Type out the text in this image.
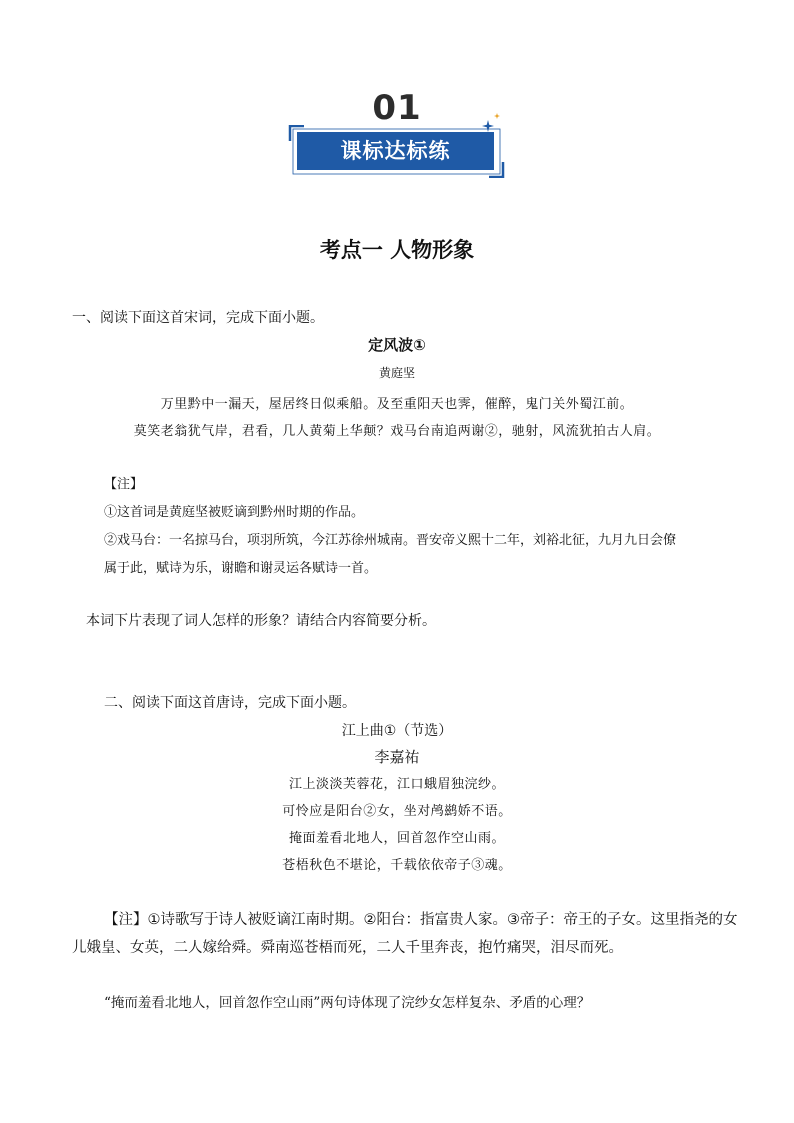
01
课标达标练
考点一 人物形象
一、阅读下面这首宋词，完成下面小题。
定风波①
黄庭坚
万里黔中一漏天，屋居终日似乘船。及至重阳天也霁，催醉，鬼门关外蜀江前。
莫笑老翁犹气岸，君看，几人黄菊上华颠？戏马台南追两谢②，驰射，风流犹拍古人肩。
【注】
①这首词是黄庭坚被贬谪到黔州时期的作品。
②戏马台：一名掠马台，项羽所筑，今江苏徐州城南。晋安帝义熙十二年，刘裕北征，九月九日会僚
属于此，赋诗为乐，谢瞻和谢灵运各赋诗一首。
本词下片表现了词人怎样的形象？请结合内容简要分析。
二、阅读下面这首唐诗，完成下面小题。
江上曲①（节选）
李嘉祐
江上淡淡芙蓉花，江口蛾眉独浣纱。
可怜应是阳台②女，坐对鸬鹚娇不语。
掩面羞看北地人，回首忽作空山雨。
苍梧秋色不堪论，千载依依帝子③魂。
【注】①诗歌写于诗人被贬谪江南时期。②阳台：指富贵人家。③帝子：帝王的子女。这里指尧的女
儿娥皇、女英，二人嫁给舜。舜南巡苍梧而死，二人千里奔丧，抱竹痛哭，泪尽而死。
“掩而羞看北地人，回首忽作空山雨”两句诗体现了浣纱女怎样复杂、矛盾的心理？
